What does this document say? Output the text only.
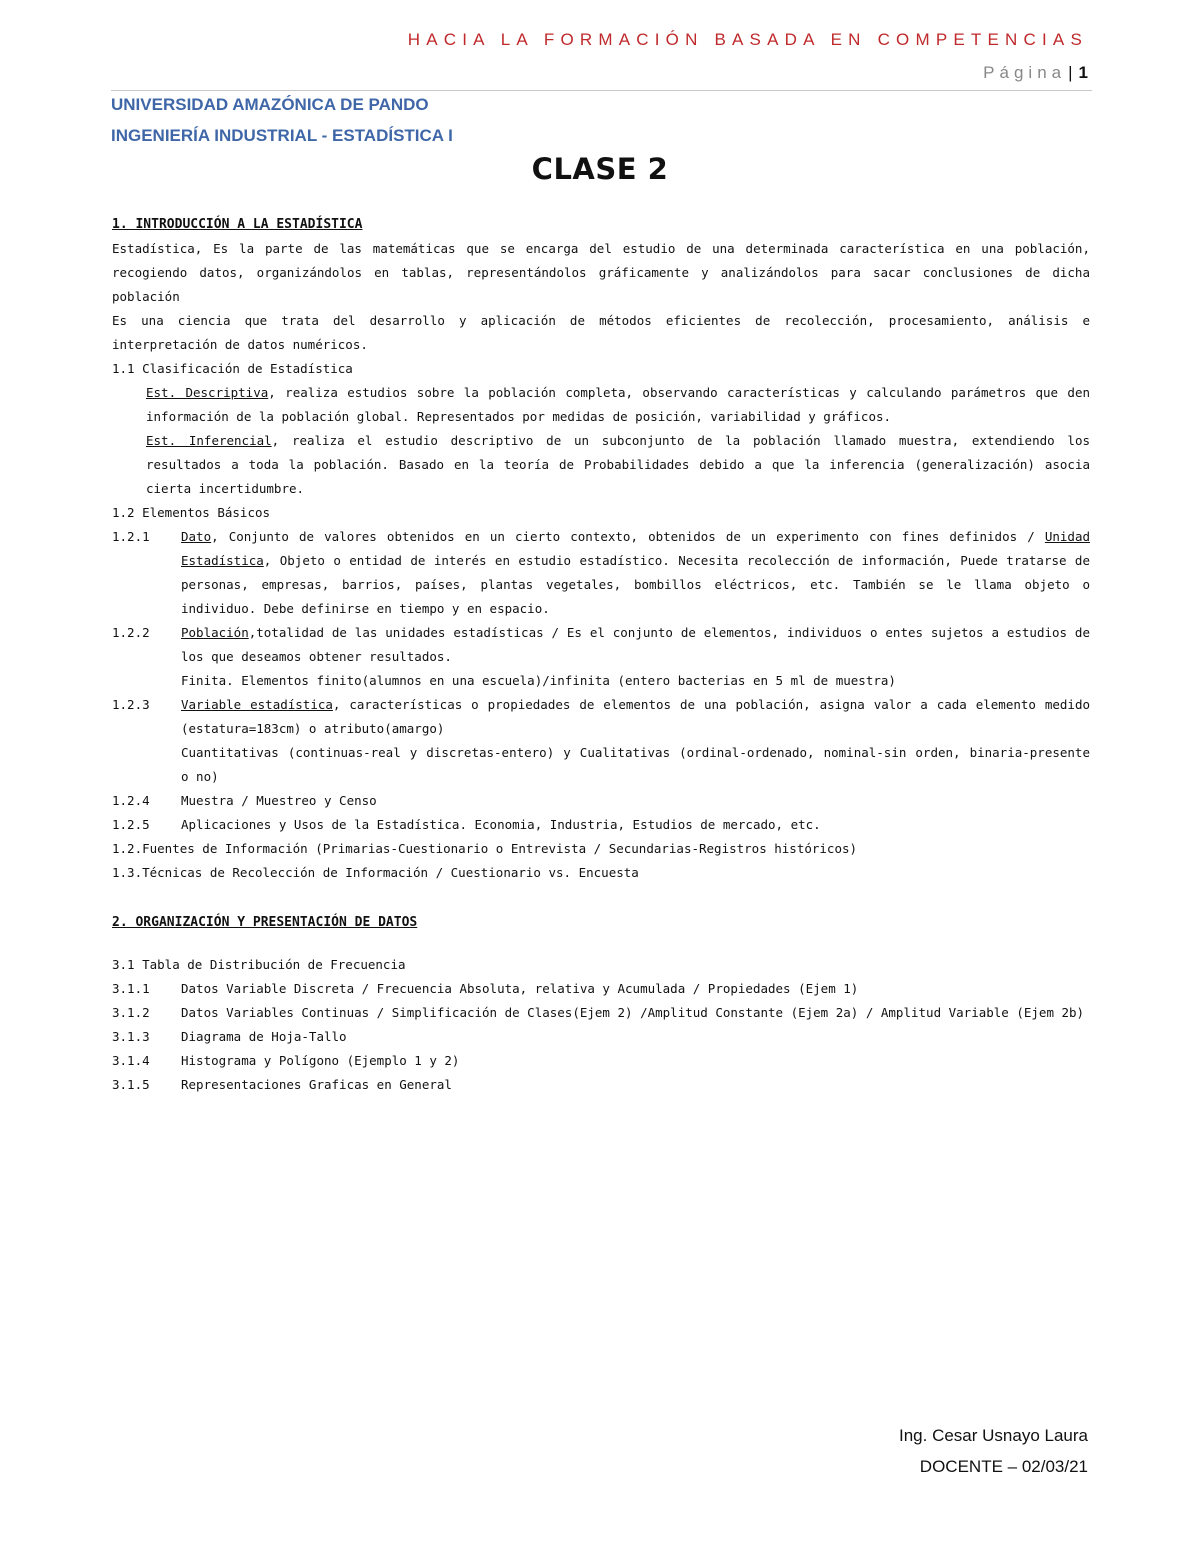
HACIA LA FORMACIÓN BASADA EN COMPETENCIAS
Página | 1
UNIVERSIDAD AMAZÓNICA DE PANDO
INGENIERÍA INDUSTRIAL - ESTADÍSTICA I
CLASE 2
1. INTRODUCCIÓN A LA ESTADÍSTICA
Estadística, Es la parte de las matemáticas que se encarga del estudio de una determinada característica en una población, recogiendo datos, organizándolos en tablas, representándolos gráficamente y analizándolos para sacar conclusiones de dicha población
Es una ciencia que trata del desarrollo y aplicación de métodos eficientes de recolección, procesamiento, análisis e interpretación de datos numéricos.
1.1 Clasificación de Estadística
Est. Descriptiva, realiza estudios sobre la población completa, observando características y calculando parámetros que den información de la población global. Representados por medidas de posición, variabilidad y gráficos.
Est. Inferencial, realiza el estudio descriptivo de un subconjunto de la población llamado muestra, extendiendo los resultados a toda la población. Basado en la teoría de Probabilidades debido a que la inferencia (generalización) asocia cierta incertidumbre.
1.2 Elementos Básicos
1.2.1	Dato, Conjunto de valores obtenidos en un cierto contexto, obtenidos de un experimento con fines definidos / Unidad Estadística, Objeto o entidad de interés en estudio estadístico. Necesita recolección de información, Puede tratarse de personas, empresas, barrios, países, plantas vegetales, bombillos eléctricos, etc. También se le llama objeto o individuo. Debe definirse en tiempo y en espacio.
1.2.2	Población,totalidad de las unidades estadísticas / Es el conjunto de elementos, individuos o entes sujetos a estudios de los que deseamos obtener resultados.
Finita. Elementos finito(alumnos en una escuela)/infinita (entero bacterias en 5 ml de muestra)
1.2.3	Variable estadística, características o propiedades de elementos de una población, asigna valor a cada elemento medido (estatura=183cm) o atributo(amargo)
Cuantitativas (continuas-real y discretas-entero) y Cualitativas (ordinal-ordenado, nominal-sin orden, binaria-presente o no)
1.2.4	Muestra / Muestreo y Censo
1.2.5	Aplicaciones y Usos de la Estadística. Economia, Industria, Estudios de mercado, etc.
1.2.Fuentes de Información (Primarias-Cuestionario o Entrevista / Secundarias-Registros históricos)
1.3.Técnicas de Recolección de Información / Cuestionario vs. Encuesta
2. ORGANIZACIÓN Y PRESENTACIÓN DE DATOS
3.1 Tabla de Distribución de Frecuencia
3.1.1	Datos Variable Discreta / Frecuencia Absoluta, relativa y Acumulada / Propiedades (Ejem 1)
3.1.2	Datos Variables Continuas / Simplificación de Clases(Ejem 2) /Amplitud Constante (Ejem 2a) / Amplitud Variable (Ejem 2b)
3.1.3	Diagrama de Hoja-Tallo
3.1.4	Histograma y Polígono (Ejemplo 1 y 2)
3.1.5	Representaciones Graficas en General
Ing. Cesar Usnayo Laura
DOCENTE – 02/03/21
